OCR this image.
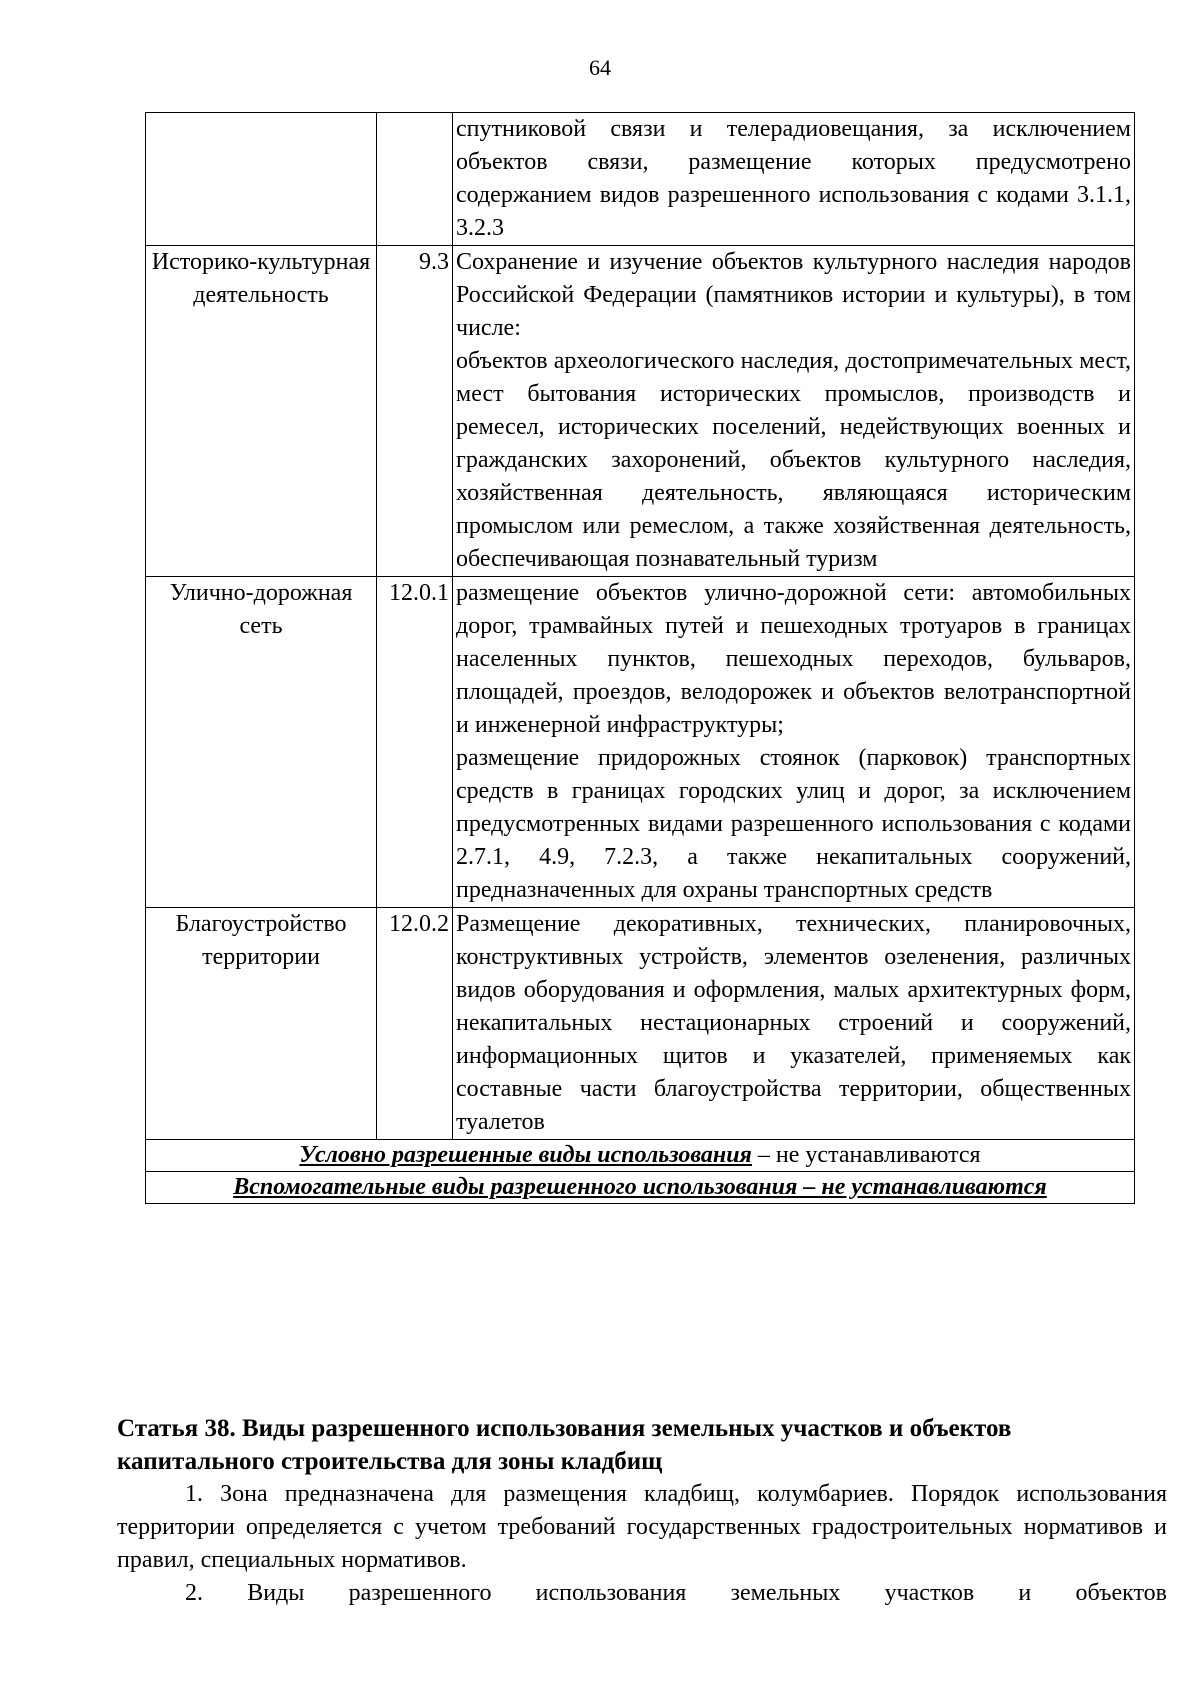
64

		спутниковой связи и телерадиовещания, за исключением объектов связи, размещение которых предусмотрено содержанием видов разрешенного использования с кодами 3.1.1, 3.2.3

Историко-культурная деятельность	9.3	Сохранение и изучение объектов культурного наследия народов Российской Федерации (памятников истории и культуры), в том числе:

объектов археологического наследия, достопримечательных мест, мест бытования исторических промыслов, производств и ремесел, исторических поселений, недействующих военных и гражданских захоронений, объектов культурного наследия, хозяйственная деятельность, являющаяся историческим промыслом или ремеслом, а также хозяйственная деятельность, обеспечивающая познавательный туризм

Улично-дорожная сеть	12.0.1	размещение объектов улично-дорожной сети: автомобильных дорог, трамвайных путей и пешеходных тротуаров в границах населенных пунктов, пешеходных переходов, бульваров, площадей, проездов, велодорожек и объектов велотранспортной и инженерной инфраструктуры;

размещение придорожных стоянок (парковок) транспортных средств в границах городских улиц и дорог, за исключением предусмотренных видами разрешенного использования с кодами 2.7.1, 4.9, 7.2.3, а также некапитальных сооружений, предназначенных для охраны транспортных средств

Благоустройство территории	12.0.2	Размещение декоративных, технических, планировочных, конструктивных устройств, элементов озеленения, различных видов оборудования и оформления, малых архитектурных форм, некапитальных нестационарных строений и сооружений, информационных щитов и указателей, применяемых как составные части благоустройства территории, общественных туалетов

Условно разрешенные виды использования – не устанавливаются		
Вспомогательные виды разрешенного использования – не устанавливаются		

Статья 38. Виды разрешенного использования земельных участков и объектов капитального строительства для зоны кладбищ

1. Зона предназначена для размещения кладбищ, колумбариев. Порядок использования территории определяется с учетом требований государственных градостроительных нормативов и правил, специальных нормативов.

2. Виды разрешенного использования земельных участков и объектов
